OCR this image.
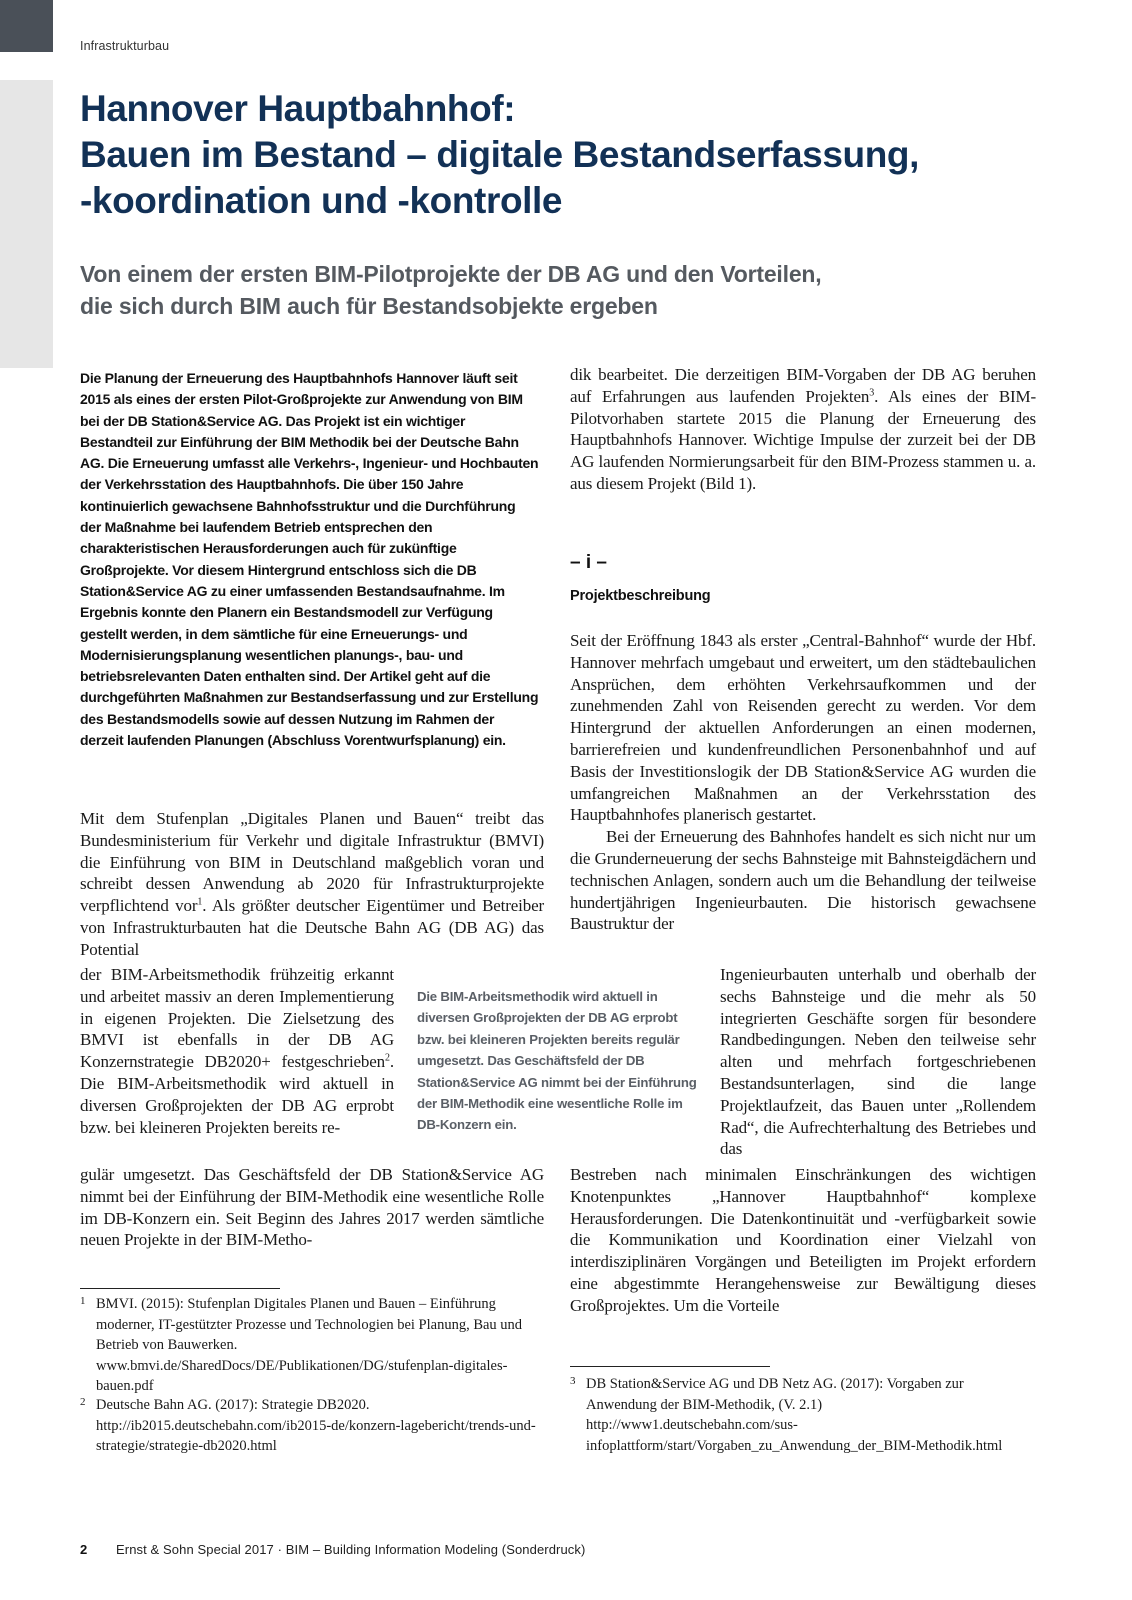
Infrastrukturbau
Hannover Hauptbahnhof:
Bauen im Bestand – digitale Bestandserfassung,
-koordination und -kontrolle
Von einem der ersten BIM-Pilotprojekte der DB AG und den Vorteilen,
die sich durch BIM auch für Bestandsobjekte ergeben

Die Planung der Erneuerung des Hauptbahnhofs Hannover läuft seit 2015 als eines der ersten Pilot-Großprojekte zur Anwendung von BIM bei der DB Station&Service AG. Das Projekt ist ein wichtiger Bestandteil zur Einführung der BIM Methodik bei der Deutsche Bahn AG. Die Erneuerung umfasst alle Verkehrs-, Ingenieur- und Hochbauten der Verkehrsstation des Hauptbahnhofs. Die über 150 Jahre kontinuierlich gewachsene Bahnhofsstruktur und die Durchführung der Maßnahme bei laufendem Betrieb entsprechen den charakteristischen Herausforderungen auch für zukünftige Großprojekte. Vor diesem Hintergrund entschloss sich die DB Station&Service AG zu einer umfassenden Bestandsaufnahme. Im Ergebnis konnte den Planern ein Bestandsmodell zur Verfügung gestellt werden, in dem sämtliche für eine Erneuerungs- und Modernisierungsplanung wesentlichen planungs-, bau- und betriebsrelevanten Daten enthalten sind. Der Artikel geht auf die durchgeführten Maßnahmen zur Bestandserfassung und zur Erstellung des Bestandsmodells sowie auf dessen Nutzung im Rahmen der derzeit laufenden Planungen (Abschluss Vorentwurfsplanung) ein.

Mit dem Stufenplan „Digitales Planen und Bauen“ treibt das Bundesministerium für Verkehr und digitale Infrastruktur (BMVI) die Einführung von BIM in Deutschland maßgeblich voran und schreibt dessen Anwendung ab 2020 für Infrastrukturprojekte verpflichtend vor$^1$. Als größter deutscher Eigentümer und Betreiber von Infrastrukturbauten hat die Deutsche Bahn AG (DB AG) das Potential

der BIM-Arbeitsmethodik frühzeitig erkannt und arbeitet massiv an deren Implementierung in eigenen Projekten. Die Zielsetzung des BMVI ist ebenfalls in der DB AG Konzernstrategie DB2020+ festgeschrieben$^2$. Die BIM-Arbeitsmethodik wird aktuell in diversen Großprojekten der DB AG erprobt bzw. bei kleineren Projekten bereits re-

gulär umgesetzt. Das Geschäftsfeld der DB Station&Service AG nimmt bei der Einführung der BIM-Methodik eine wesentliche Rolle im DB-Konzern ein. Seit Beginn des Jahres 2017 werden sämtliche neuen Projekte in der BIM-Metho-

Die BIM-Arbeitsmethodik wird aktuell in diversen Großprojekten der DB AG erprobt bzw. bei kleineren Projekten bereits regulär umgesetzt. Das Geschäftsfeld der DB Station&Service AG nimmt bei der Einführung der BIM-Methodik eine wesentliche Rolle im DB-Konzern ein.

dik bearbeitet. Die derzeitigen BIM-Vorgaben der DB AG beruhen auf Erfahrungen aus laufenden Projekten$^3$. Als eines der BIM-Pilotvorhaben startete 2015 die Planung der Erneuerung des Hauptbahnhofs Hannover. Wichtige Impulse der zurzeit bei der DB AG laufenden Normierungsarbeit für den BIM-Prozess stammen u. a. aus diesem Projekt (Bild 1).

– i –
Projektbeschreibung

Seit der Eröffnung 1843 als erster „Central-Bahnhof“ wurde der Hbf. Hannover mehrfach umgebaut und erweitert, um den städtebaulichen Ansprüchen, dem erhöhten Verkehrsaufkommen und der zunehmenden Zahl von Reisenden gerecht zu werden. Vor dem Hintergrund der aktuellen Anforderungen an einen modernen, barrierefreien und kundenfreundlichen Personenbahnhof und auf Basis der Investitionslogik der DB Station&Service AG wurden die umfangreichen Maßnahmen an der Verkehrsstation des Hauptbahnhofes planerisch gestartet.

Bei der Erneuerung des Bahnhofes handelt es sich nicht nur um die Grunderneuerung der sechs Bahnsteige mit Bahnsteigdächern und technischen Anlagen, sondern auch um die Behandlung der teilweise hundertjährigen Ingenieurbauten. Die historisch gewachsene Baustruktur der

Ingenieurbauten unterhalb und oberhalb der sechs Bahnsteige und die mehr als 50 integrierten Geschäfte sorgen für besondere Randbedingungen. Neben den teilweise sehr alten und mehrfach fortgeschriebenen Bestandsunterlagen, sind die lange Projektlaufzeit, das Bauen unter „Rollendem Rad“, die Aufrechterhaltung des Betriebes und das

Bestreben nach minimalen Einschränkungen des wichtigen Knotenpunktes „Hannover Hauptbahnhof“ komplexe Herausforderungen. Die Datenkontinuität und -verfügbarkeit sowie die Kommunikation und Koordination einer Vielzahl von interdisziplinären Vorgängen und Beteiligten im Projekt erfordern eine abgestimmte Herangehensweise zur Bewältigung dieses Großprojektes. Um die Vorteile

1 BMVI. (2015): Stufenplan Digitales Planen und Bauen – Einführung moderner, IT-gestützter Prozesse und Technologien bei Planung, Bau und Betrieb von Bauwerken. www.bmvi.de/SharedDocs/DE/Publikationen/DG/stufenplan-digitales-bauen.pdf

2 Deutsche Bahn AG. (2017): Strategie DB2020. http://ib2015.deutschebahn.com/ib2015-de/konzern-lagebericht/trends-und-strategie/strategie-db2020.html

3 DB Station&Service AG und DB Netz AG. (2017): Vorgaben zur Anwendung der BIM-Methodik, (V. 2.1) http://www1.deutschebahn.com/sus-infoplattform/start/Vorgaben_zu_Anwendung_der_BIM-Methodik.html

2 Ernst & Sohn Special 2017 · BIM – Building Information Modeling (Sonderdruck)
